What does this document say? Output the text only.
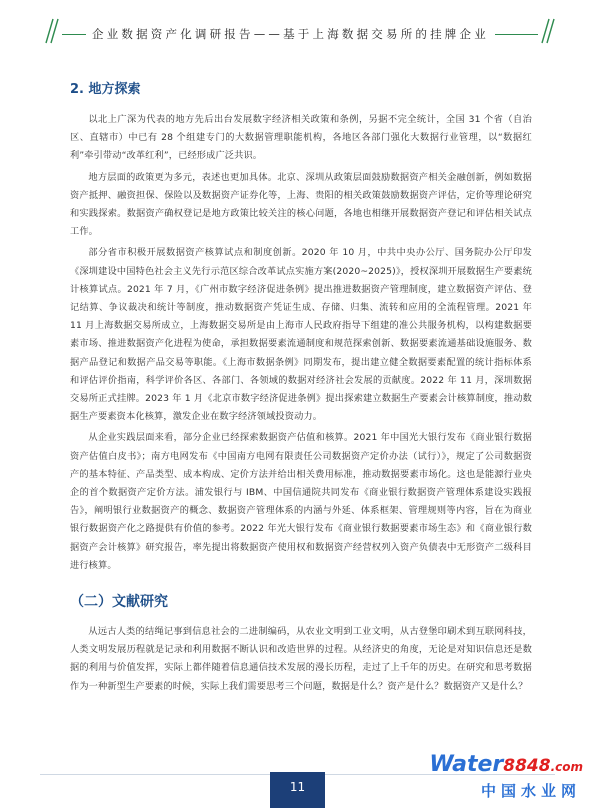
企业数据资产化调研报告——基于上海数据交易所的挂牌企业
2. 地方探索

以北上广深为代表的地方先后出台发展数字经济相关政策和条例，另据不完全统计，全国 31 个省（自治区、直辖市）中已有 28 个组建专门的大数据管理职能机构，各地区各部门强化大数据行业管理，以“数据红利”牵引带动“改革红利”，已经形成广泛共识。

地方层面的政策更为多元，表述也更加具体。北京、深圳从政策层面鼓励数据资产相关金融创新，例如数据资产抵押、融资担保、保险以及数据资产证券化等，上海、贵阳的相关政策鼓励数据资产评估，定价等理论研究和实践探索。数据资产确权登记是地方政策比较关注的核心问题，各地也相继开展数据资产登记和评估相关试点工作。

部分省市积极开展数据资产核算试点和制度创新。2020 年 10 月，中共中央办公厅、国务院办公厅印发《深圳建设中国特色社会主义先行示范区综合改革试点实施方案(2020~2025)》，授权深圳开展数据生产要素统计核算试点。2021 年 7 月，《广州市数字经济促进条例》提出推进数据资产管理制度，建立数据资产评估、登记结算、争议裁决和统计等制度，推动数据资产凭证生成、存储、归集、流转和应用的全流程管理。2021 年 11 月上海数据交易所成立，上海数据交易所是由上海市人民政府指导下组建的准公共服务机构，以构建数据要素市场、推进数据资产化进程为使命，承担数据要素流通制度和规范探索创新、数据要素流通基础设施服务、数据产品登记和数据产品交易等职能。《上海市数据条例》同期发布，提出建立健全数据要素配置的统计指标体系和评估评价指南，科学评价各区、各部门、各领域的数据对经济社会发展的贡献度。2022 年 11 月，深圳数据交易所正式挂牌。2023 年 1 月《北京市数字经济促进条例》提出探索建立数据生产要素会计核算制度，推动数据生产要素资本化核算，激发企业在数字经济领域投资动力。

从企业实践层面来看，部分企业已经探索数据资产估值和核算。2021 年中国光大银行发布《商业银行数据资产估值白皮书》；南方电网发布《中国南方电网有限责任公司数据资产定价办法（试行）》，规定了公司数据资产的基本特征、产品类型、成本构成、定价方法并给出相关费用标准，推动数据要素市场化。这也是能源行业央企的首个数据资产定价方法。浦发银行与 IBM、中国信通院共同发布《商业银行数据资产管理体系建设实践报告》，阐明银行业数据资产的概念、数据资产管理体系的内涵与外延、体系框架、管理规则等内容，旨在为商业银行数据资产化之路提供有价值的参考。2022 年光大银行发布《商业银行数据要素市场生态》和《商业银行数据资产会计核算》研究报告，率先提出将数据资产使用权和数据资产经营权列入资产负债表中无形资产二级科目进行核算。

（二）文献研究

从远古人类的结绳记事到信息社会的二进制编码，从农业文明到工业文明，从古登堡印刷术到互联网科技，人类文明发展历程就是记录和利用数据不断认识和改造世界的过程。从经济史的角度，无论是对知识信息还是数据的利用与价值发挥，实际上都伴随着信息通信技术发展的漫长历程，走过了上千年的历史。在研究和思考数据作为一种新型生产要素的时候，实际上我们需要思考三个问题，数据是什么？资产是什么？数据资产又是什么？

11
Water8848.com
中国水业网
